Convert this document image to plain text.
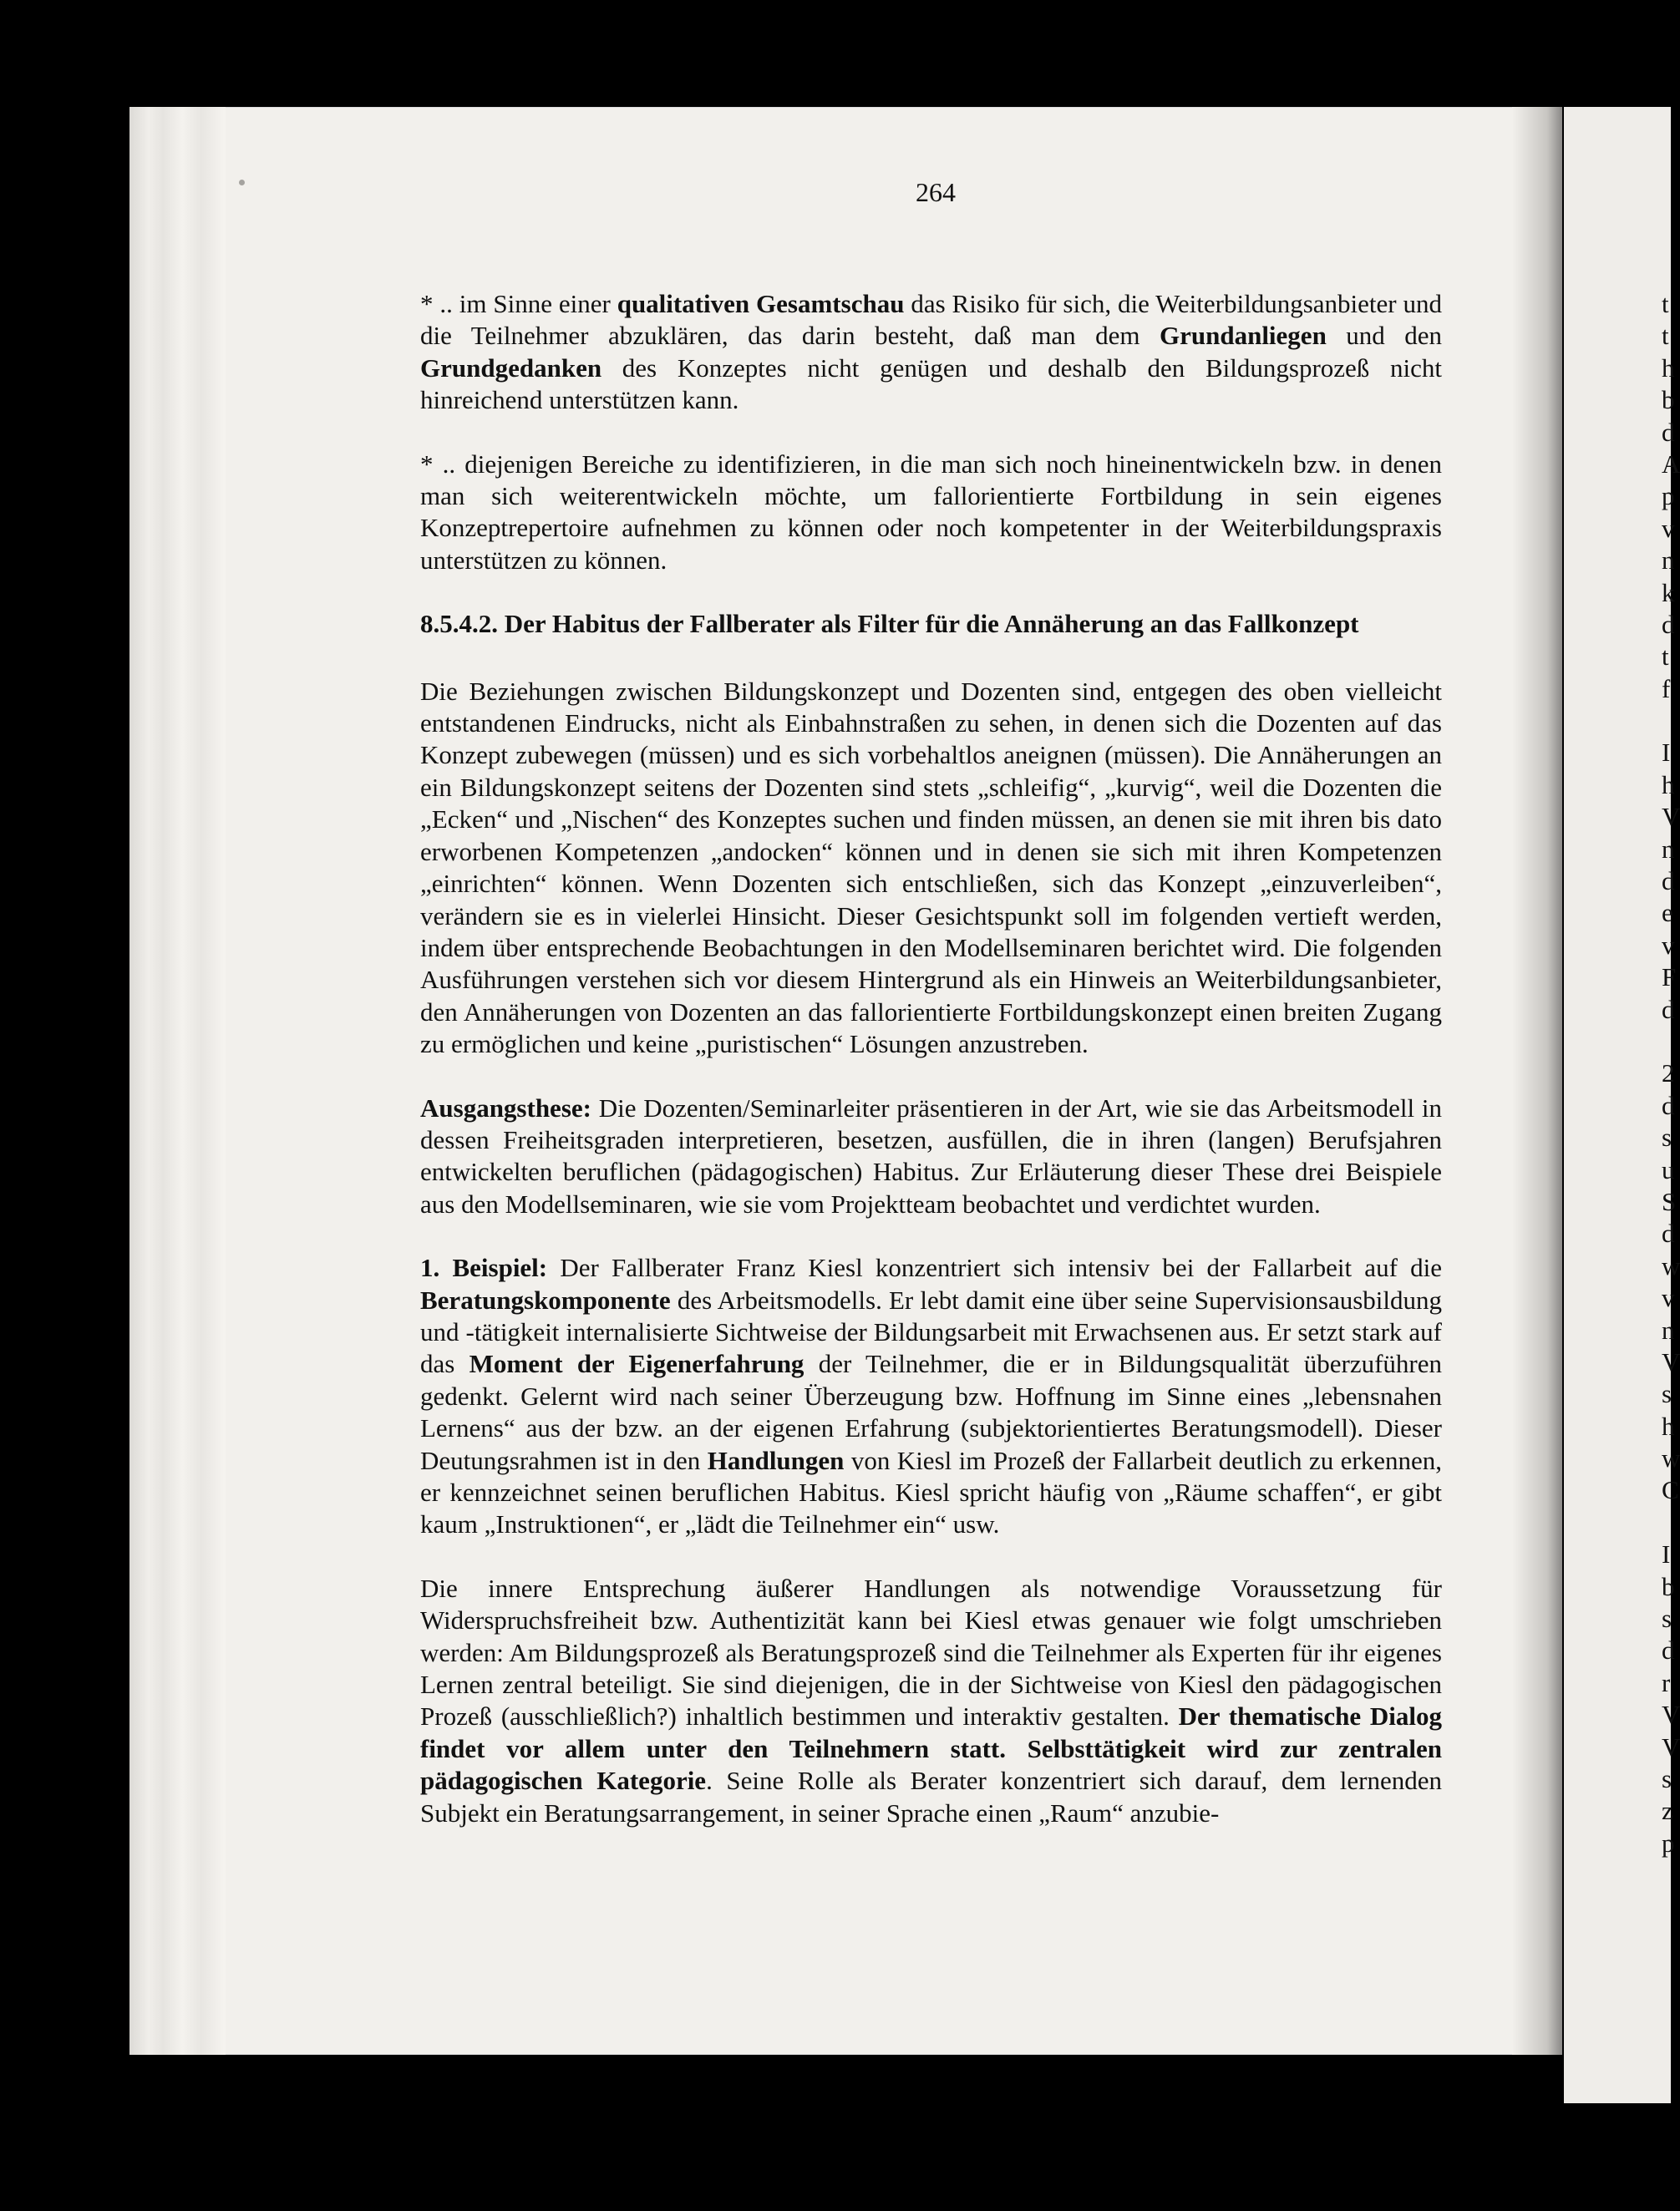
264

* .. im Sinne einer qualitativen Gesamtschau das Risiko für sich, die Weiterbildungsanbieter und die Teilnehmer abzuklären, das darin besteht, daß man dem Grundanliegen und den Grundgedanken des Konzeptes nicht genügen und deshalb den Bildungsprozeß nicht hinreichend unterstützen kann.

* .. diejenigen Bereiche zu identifizieren, in die man sich noch hineinentwickeln bzw. in denen man sich weiterentwickeln möchte, um fallorientierte Fortbildung in sein eigenes Konzeptrepertoire aufnehmen zu können oder noch kompetenter in der Weiterbildungspraxis unterstützen zu können.

8.5.4.2. Der Habitus der Fallberater als Filter für die Annäherung an das Fallkonzept

Die Beziehungen zwischen Bildungskonzept und Dozenten sind, entgegen des oben vielleicht entstandenen Eindrucks, nicht als Einbahnstraßen zu sehen, in denen sich die Dozenten auf das Konzept zubewegen (müssen) und es sich vorbehaltlos aneignen (müssen). Die Annäherungen an ein Bildungskonzept seitens der Dozenten sind stets „schleifig“, „kurvig“, weil die Dozenten die „Ecken“ und „Nischen“ des Konzeptes suchen und finden müssen, an denen sie mit ihren bis dato erworbenen Kompetenzen „andocken“ können und in denen sie sich mit ihren Kompetenzen „einrichten“ können. Wenn Dozenten sich entschließen, sich das Konzept „einzuverleiben“, verändern sie es in vielerlei Hinsicht. Dieser Gesichtspunkt soll im folgenden vertieft werden, indem über entsprechende Beobachtungen in den Modellseminaren berichtet wird. Die folgenden Ausführungen verstehen sich vor diesem Hintergrund als ein Hinweis an Weiterbildungsanbieter, den Annäherungen von Dozenten an das fallorientierte Fortbildungskonzept einen breiten Zugang zu ermöglichen und keine „puristischen“ Lösungen anzustreben.

Ausgangsthese: Die Dozenten/Seminarleiter präsentieren in der Art, wie sie das Arbeitsmodell in dessen Freiheitsgraden interpretieren, besetzen, ausfüllen, die in ihren (langen) Berufsjahren entwickelten beruflichen (pädagogischen) Habitus. Zur Erläuterung dieser These drei Beispiele aus den Modellseminaren, wie sie vom Projektteam beobachtet und verdichtet wurden.

1. Beispiel: Der Fallberater Franz Kiesl konzentriert sich intensiv bei der Fallarbeit auf die Beratungskomponente des Arbeitsmodells. Er lebt damit eine über seine Supervisionsausbildung und -tätigkeit internalisierte Sichtweise der Bildungsarbeit mit Erwachsenen aus. Er setzt stark auf das Moment der Eigenerfahrung der Teilnehmer, die er in Bildungsqualität überzuführen gedenkt. Gelernt wird nach seiner Überzeugung bzw. Hoffnung im Sinne eines „lebensnahen Lernens“ aus der bzw. an der eigenen Erfahrung (subjektorientiertes Beratungsmodell). Dieser Deutungsrahmen ist in den Handlungen von Kiesl im Prozeß der Fallarbeit deutlich zu erkennen, er kennzeichnet seinen beruflichen Habitus. Kiesl spricht häufig von „Räume schaffen“, er gibt kaum „Instruktionen“, er „lädt die Teilnehmer ein“ usw.

Die innere Entsprechung äußerer Handlungen als notwendige Voraussetzung für Widerspruchsfreiheit bzw. Authentizität kann bei Kiesl etwas genauer wie folgt umschrieben werden: Am Bildungsprozeß als Beratungsprozeß sind die Teilnehmer als Experten für ihr eigenes Lernen zentral beteiligt. Sie sind diejenigen, die in der Sichtweise von Kiesl den pädagogischen Prozeß (ausschließlich?) inhaltlich bestimmen und interaktiv gestalten. Der thematische Dialog findet vor allem unter den Teilnehmern statt. Selbsttätigkeit wird zur zentralen pädagogischen Kategorie. Seine Rolle als Berater konzentriert sich darauf, dem lernenden Subjekt ein Beratungsarrangement, in seiner Sprache einen „Raum“ anzubie-

t
t
h
b
d
A
p
v
n
k
d
t
f
I
h
V
n
d
e
v
F
d
2
d
s
u
S
d
w
v
n
V
s
h
w
C
I
b
s
d
r
V
V
s
z
p
